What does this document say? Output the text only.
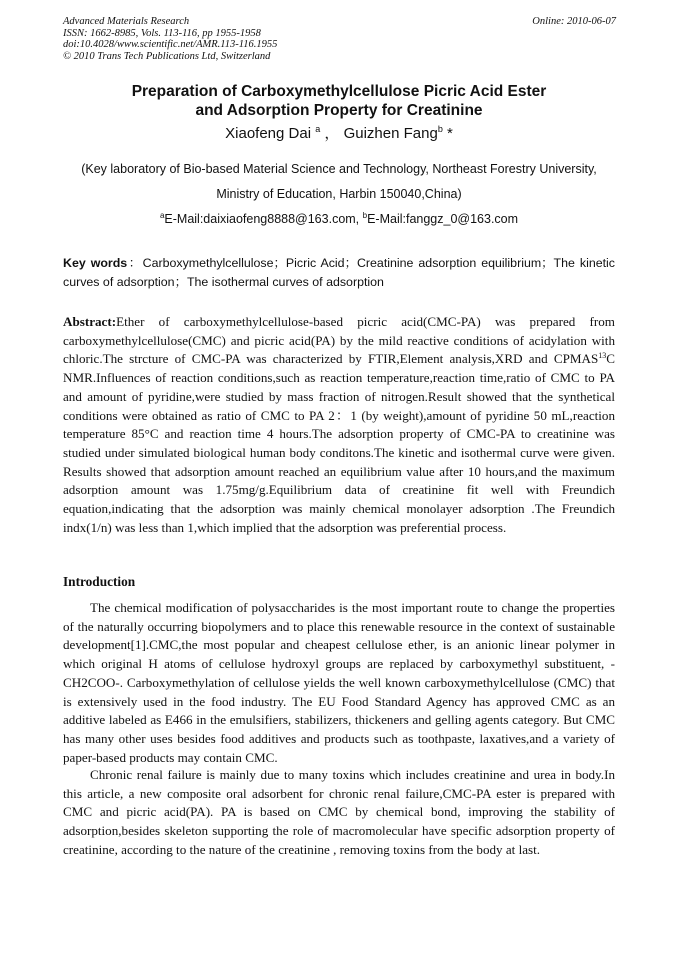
Advanced Materials Research
ISSN: 1662-8985, Vols. 113-116, pp 1955-1958
doi:10.4028/www.scientific.net/AMR.113-116.1955
© 2010 Trans Tech Publications Ltd, Switzerland
Online: 2010-06-07
Preparation of Carboxymethylcellulose Picric Acid Ester
and Adsorption Property for Creatinine
Xiaofeng Dai $^a$ ， Guizhen Fang$^b$ *
(Key laboratory of Bio-based Material Science and Technology, Northeast Forestry University,
Ministry of Education, Harbin 150040,China)
$^a$E-Mail:daixiaofeng8888@163.com, $^b$E-Mail:fanggz_0@163.com
Key words：Carboxymethylcellulose；Picric Acid；Creatinine adsorption equilibrium；The kinetic curves of adsorption；The isothermal curves of adsorption
Abstract:Ether of carboxymethylcellulose-based picric acid(CMC-PA) was prepared from carboxymethylcellulose(CMC) and picric acid(PA) by the mild reactive conditions of acidylation with chloric.The strcture of CMC-PA was characterized by FTIR,Element analysis,XRD and CPMAS$^{13}$C NMR.Influences of reaction conditions,such as reaction temperature,reaction time,ratio of CMC to PA and amount of pyridine,were studied by mass fraction of nitrogen.Result showed that the synthetical conditions were obtained as ratio of CMC to PA 2：1 (by weight),amount of pyridine 50 mL,reaction temperature 85°C and reaction time 4 hours.The adsorption property of CMC-PA to creatinine was studied under simulated biological human body conditons.The kinetic and isothermal curve were given. Results showed that adsorption amount reached an equilibrium value after 10 hours,and the maximum adsorption amount was 1.75mg/g.Equilibrium data of creatinine fit well with Freundich equation,indicating that the adsorption was mainly chemical monolayer adsorption .The Freundich indx(1/n) was less than 1,which implied that the adsorption was preferential process.
Introduction

The chemical modification of polysaccharides is the most important route to change the properties of the naturally occurring biopolymers and to place this renewable resource in the context of sustainable development[1].CMC,the most popular and cheapest cellulose ether, is an anionic linear polymer in which original H atoms of cellulose hydroxyl groups are replaced by carboxymethyl substituent, -CH2COO-. Carboxymethylation of cellulose yields the well known carboxymethylcellulose (CMC) that is extensively used in the food industry. The EU Food Standard Agency has approved CMC as an additive labeled as E466 in the emulsifiers, stabilizers, thickeners and gelling agents category. But CMC has many other uses besides food additives and products such as toothpaste, laxatives,and a variety of paper-based products may contain CMC.

Chronic renal failure is mainly due to many toxins which includes creatinine and urea in body.In this article, a new composite oral adsorbent for chronic renal failure,CMC-PA ester is prepared with CMC and picric acid(PA). PA is based on CMC by chemical bond, improving the stability of adsorption,besides skeleton supporting the role of macromolecular have specific adsorption property of creatinine, according to the nature of the creatinine , removing toxins from the body at last.
